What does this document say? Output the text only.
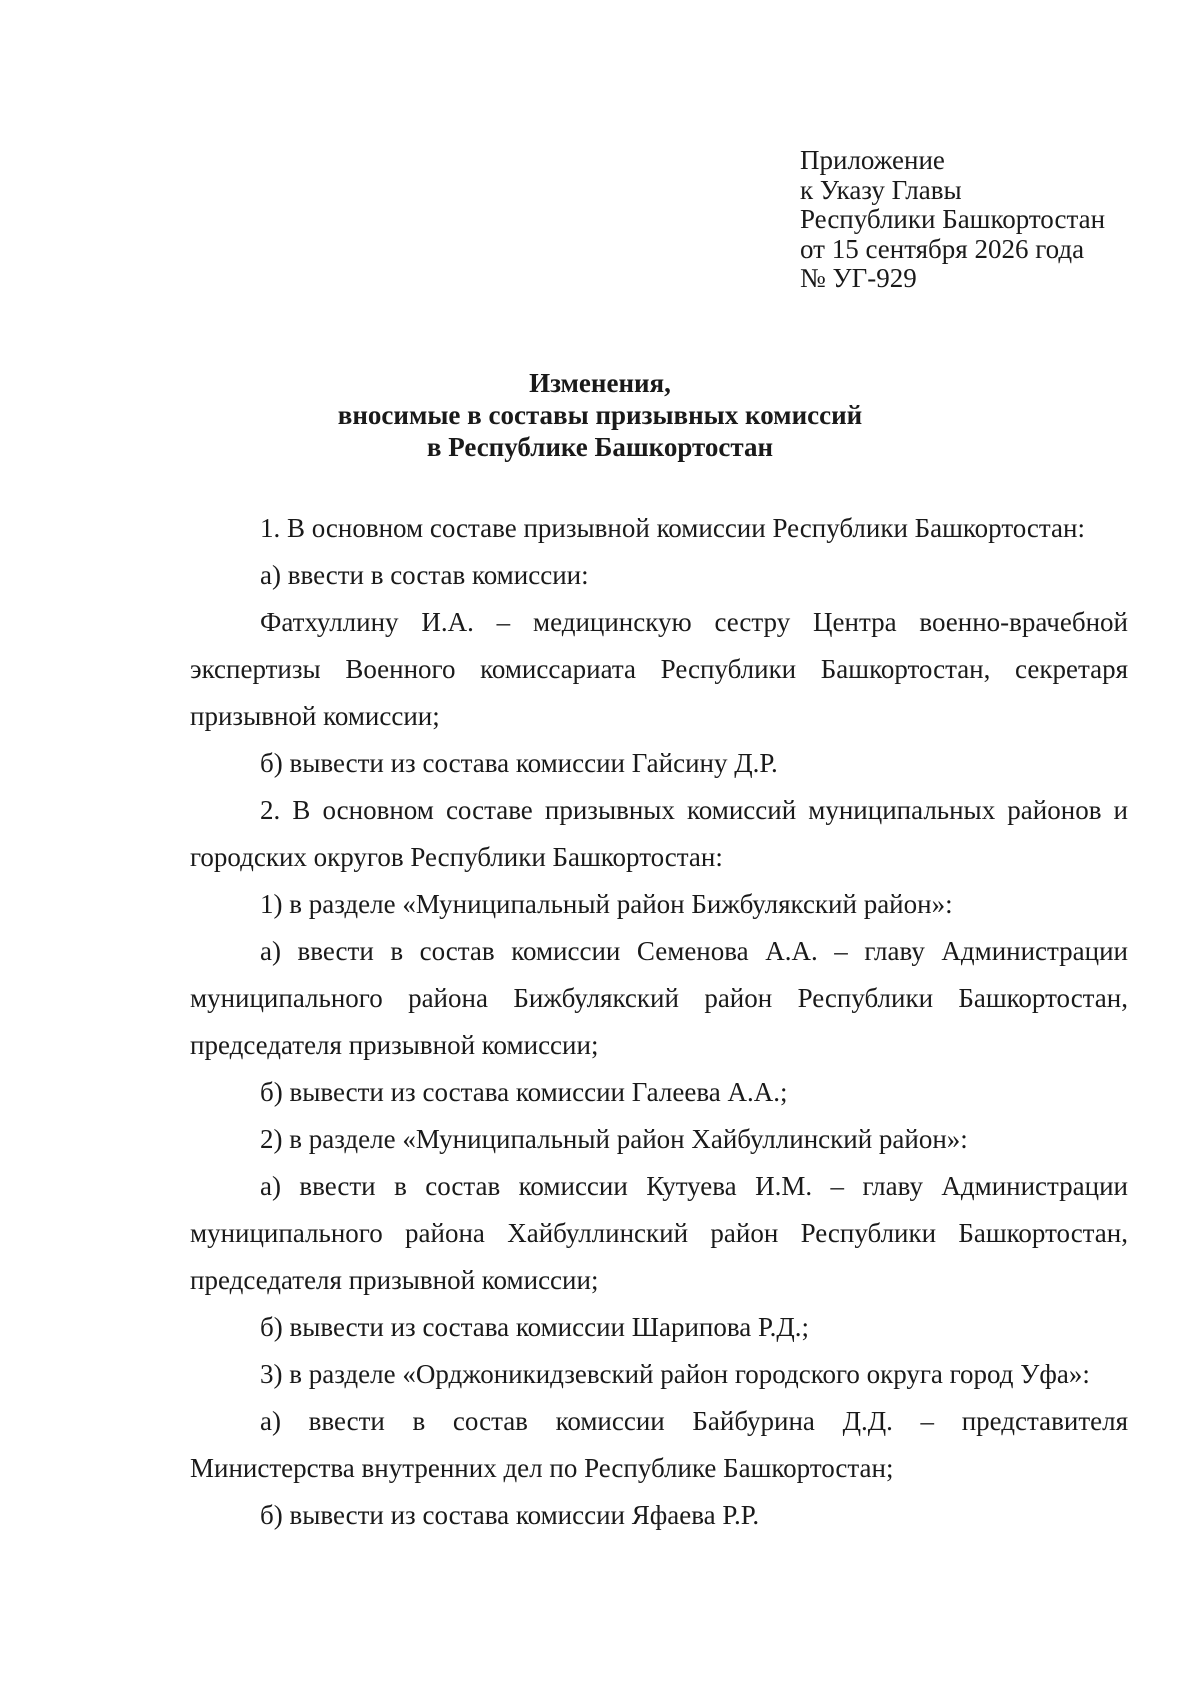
Приложение
к Указу Главы
Республики Башкортостан
от 15 сентября 2026 года
№ УГ-929
Изменения,
вносимые в составы призывных комиссий
в Республике Башкортостан

1. В основном составе призывной комиссии Республики Башкортостан:

а) ввести в состав комиссии:

Фатхуллину И.А. – медицинскую сестру Центра военно-врачебной экспертизы Военного комиссариата Республики Башкортостан, секретаря призывной комиссии;

б) вывести из состава комиссии Гайсину Д.Р.

2. В основном составе призывных комиссий муниципальных районов и городских округов Республики Башкортостан:

1) в разделе «Муниципальный район Бижбулякский район»:

а) ввести в состав комиссии Семенова А.А. – главу Администрации муниципального района Бижбулякский район Республики Башкортостан, председателя призывной комиссии;

б) вывести из состава комиссии Галеева А.А.;

2) в разделе «Муниципальный район Хайбуллинский район»:

а) ввести в состав комиссии Кутуева И.М. – главу Администрации муниципального района Хайбуллинский район Республики Башкортостан, председателя призывной комиссии;

б) вывести из состава комиссии Шарипова Р.Д.;

3) в разделе «Орджоникидзевский район городского округа город Уфа»:

а) ввести в состав комиссии Байбурина Д.Д. – представителя Министерства внутренних дел по Республике Башкортостан;

б) вывести из состава комиссии Яфаева Р.Р.
